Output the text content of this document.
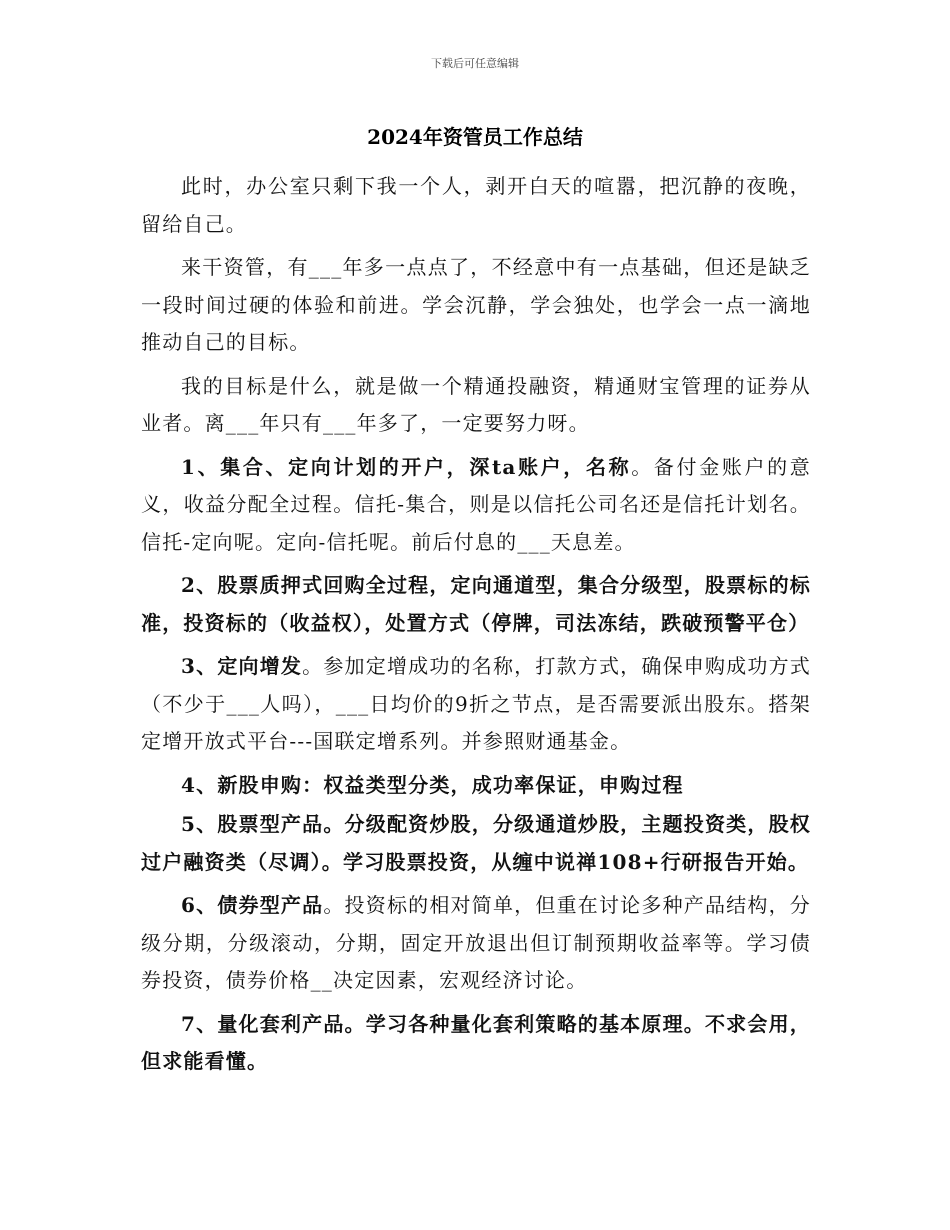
下载后可任意编辑
2024年资管员工作总结

此时，办公室只剩下我一个人，剥开白天的喧嚣，把沉静的夜晚，留给自己。

来干资管，有___年多一点点了，不经意中有一点基础，但还是缺乏一段时间过硬的体验和前进。学会沉静，学会独处，也学会一点一滴地推动自己的目标。

我的目标是什么，就是做一个精通投融资，精通财宝管理的证券从业者。离___年只有___年多了，一定要努力呀。

1、集合、定向计划的开户，深ta账户，名称。备付金账户的意义，收益分配全过程。信托-集合，则是以信托公司名还是信托计划名。信托-定向呢。定向-信托呢。前后付息的___天息差。

2、股票质押式回购全过程，定向通道型，集合分级型，股票标的标准，投资标的（收益权），处置方式（停牌，司法冻结，跌破预警平仓）

3、定向增发。参加定增成功的名称，打款方式，确保申购成功方式（不少于___人吗），___日均价的9折之节点，是否需要派出股东。搭架定增开放式平台---国联定增系列。并参照财通基金。

4、新股申购：权益类型分类，成功率保证，申购过程

5、股票型产品。分级配资炒股，分级通道炒股，主题投资类，股权过户融资类（尽调）。学习股票投资，从缠中说禅108+行研报告开始。

6、债券型产品。投资标的相对简单，但重在讨论多种产品结构，分级分期，分级滚动，分期，固定开放退出但订制预期收益率等。学习债券投资，债券价格__决定因素，宏观经济讨论。

7、量化套利产品。学习各种量化套利策略的基本原理。不求会用，但求能看懂。
